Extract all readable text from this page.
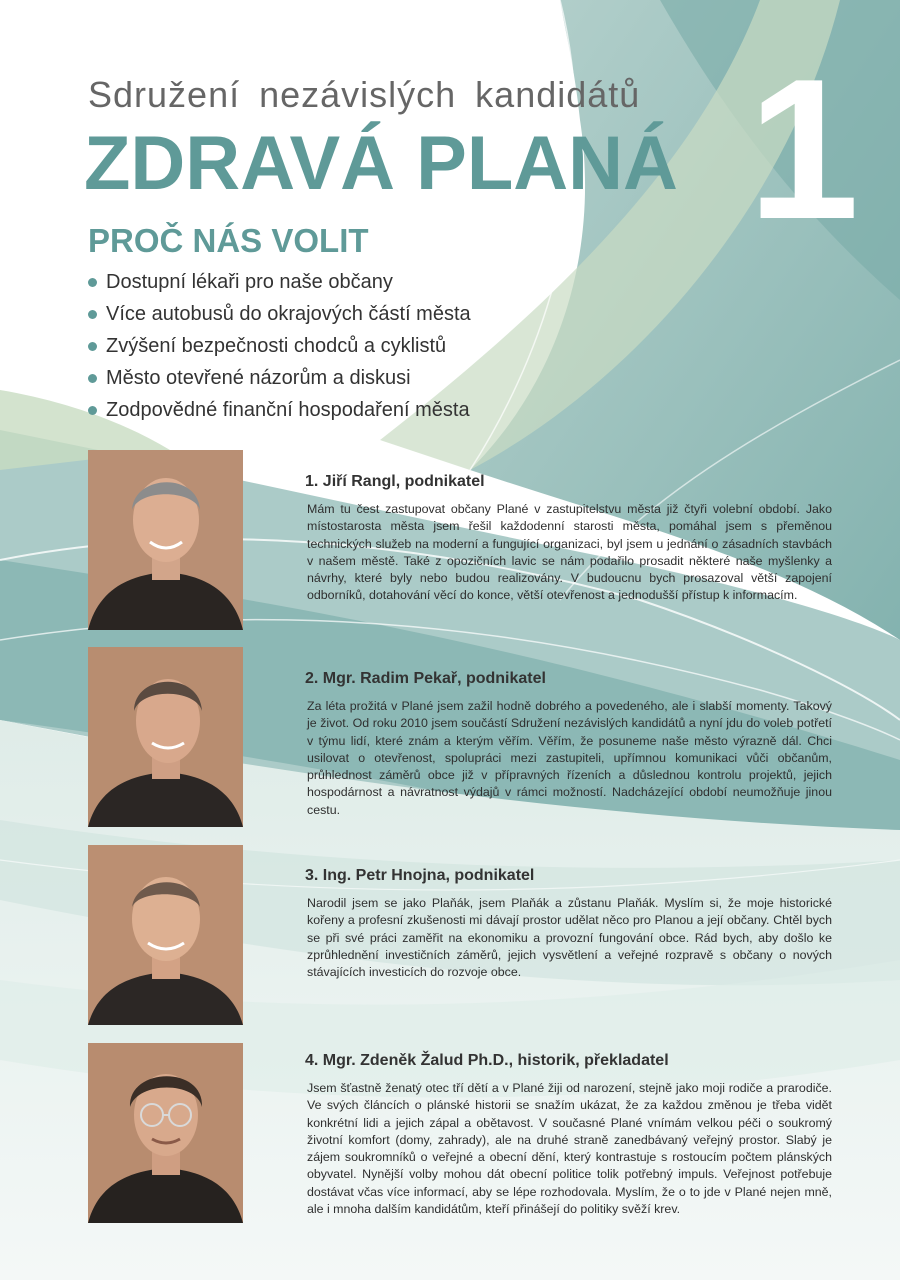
Sdružení nezávislých kandidátů
ZDRAVÁ PLANÁ 1
PROČ NÁS VOLIT
Dostupní lékaři pro naše občany
Více autobusů do okrajových částí města
Zvýšení bezpečnosti chodců a cyklistů
Město otevřené názorům a diskusi
Zodpovědné finanční hospodaření města
1. Jiří Rangl, podnikatel
Mám tu čest zastupovat občany Plané v zastupitelstvu města již čtyři volební období. Jako místostarosta města jsem řešil každodenní starosti města, pomáhal jsem s přeměnou technických služeb na moderní a fungující organizaci, byl jsem u jednání o zásadních stavbách v našem městě. Také z opozičních lavic se nám podařilo prosadit některé naše myšlenky a návrhy, které byly nebo budou realizovány. V budoucnu bych prosazoval větší zapojení odborníků, dotahování věcí do konce, větší otevřenost a jednodušší přístup k informacím.
2. Mgr. Radim Pekař, podnikatel
Za léta prožitá v Plané jsem zažil hodně dobrého a povedeného, ale i slabší momenty. Takový je život. Od roku 2010 jsem součástí Sdružení nezávislých kandidátů a nyní jdu do voleb potřetí v týmu lidí, které znám a kterým věřím. Věřím, že posuneme naše město výrazně dál. Chci usilovat o otevřenost, spolupráci mezi zastupiteli, upřímnou komunikaci vůči občanům, průhlednost záměrů obce již v přípravných řízeních a důslednou kontrolu projektů, jejich hospodárnost a návratnost výdajů v rámci možností. Nadcházející období neumožňuje jinou cestu.
3. Ing. Petr Hnojna, podnikatel
Narodil jsem se jako Plaňák, jsem Plaňák a zůstanu Plaňák. Myslím si, že moje historické kořeny a profesní zkušenosti mi dávají prostor udělat něco pro Planou a její občany. Chtěl bych se při své práci zaměřit na ekonomiku a provozní fungování obce. Rád bych, aby došlo ke zprůhlednění investičních záměrů, jejich vysvětlení a veřejné rozpravě s občany o nových stávajících investicích do rozvoje obce.
4. Mgr. Zdeněk Žalud Ph.D., historik, překladatel
Jsem šťastně ženatý otec tří dětí a v Plané žiji od narození, stejně jako moji rodiče a prarodiče. Ve svých článcích o plánské historii se snažím ukázat, že za každou změnou je třeba vidět konkrétní lidi a jejich zápal a obětavost. V současné Plané vnímám velkou péči o soukromý životní komfort (domy, zahrady), ale na druhé straně zanedbávaný veřejný prostor. Slabý je zájem soukromníků o veřejné a obecní dění, který kontrastuje s rostoucím počtem plánských obyvatel. Nynější volby mohou dát obecní politice tolik potřebný impuls. Veřejnost potřebuje dostávat včas více informací, aby se lépe rozhodovala. Myslím, že o to jde v Plané nejen mně, ale i mnoha dalším kandidátům, kteří přinášejí do politiky svěží krev.
